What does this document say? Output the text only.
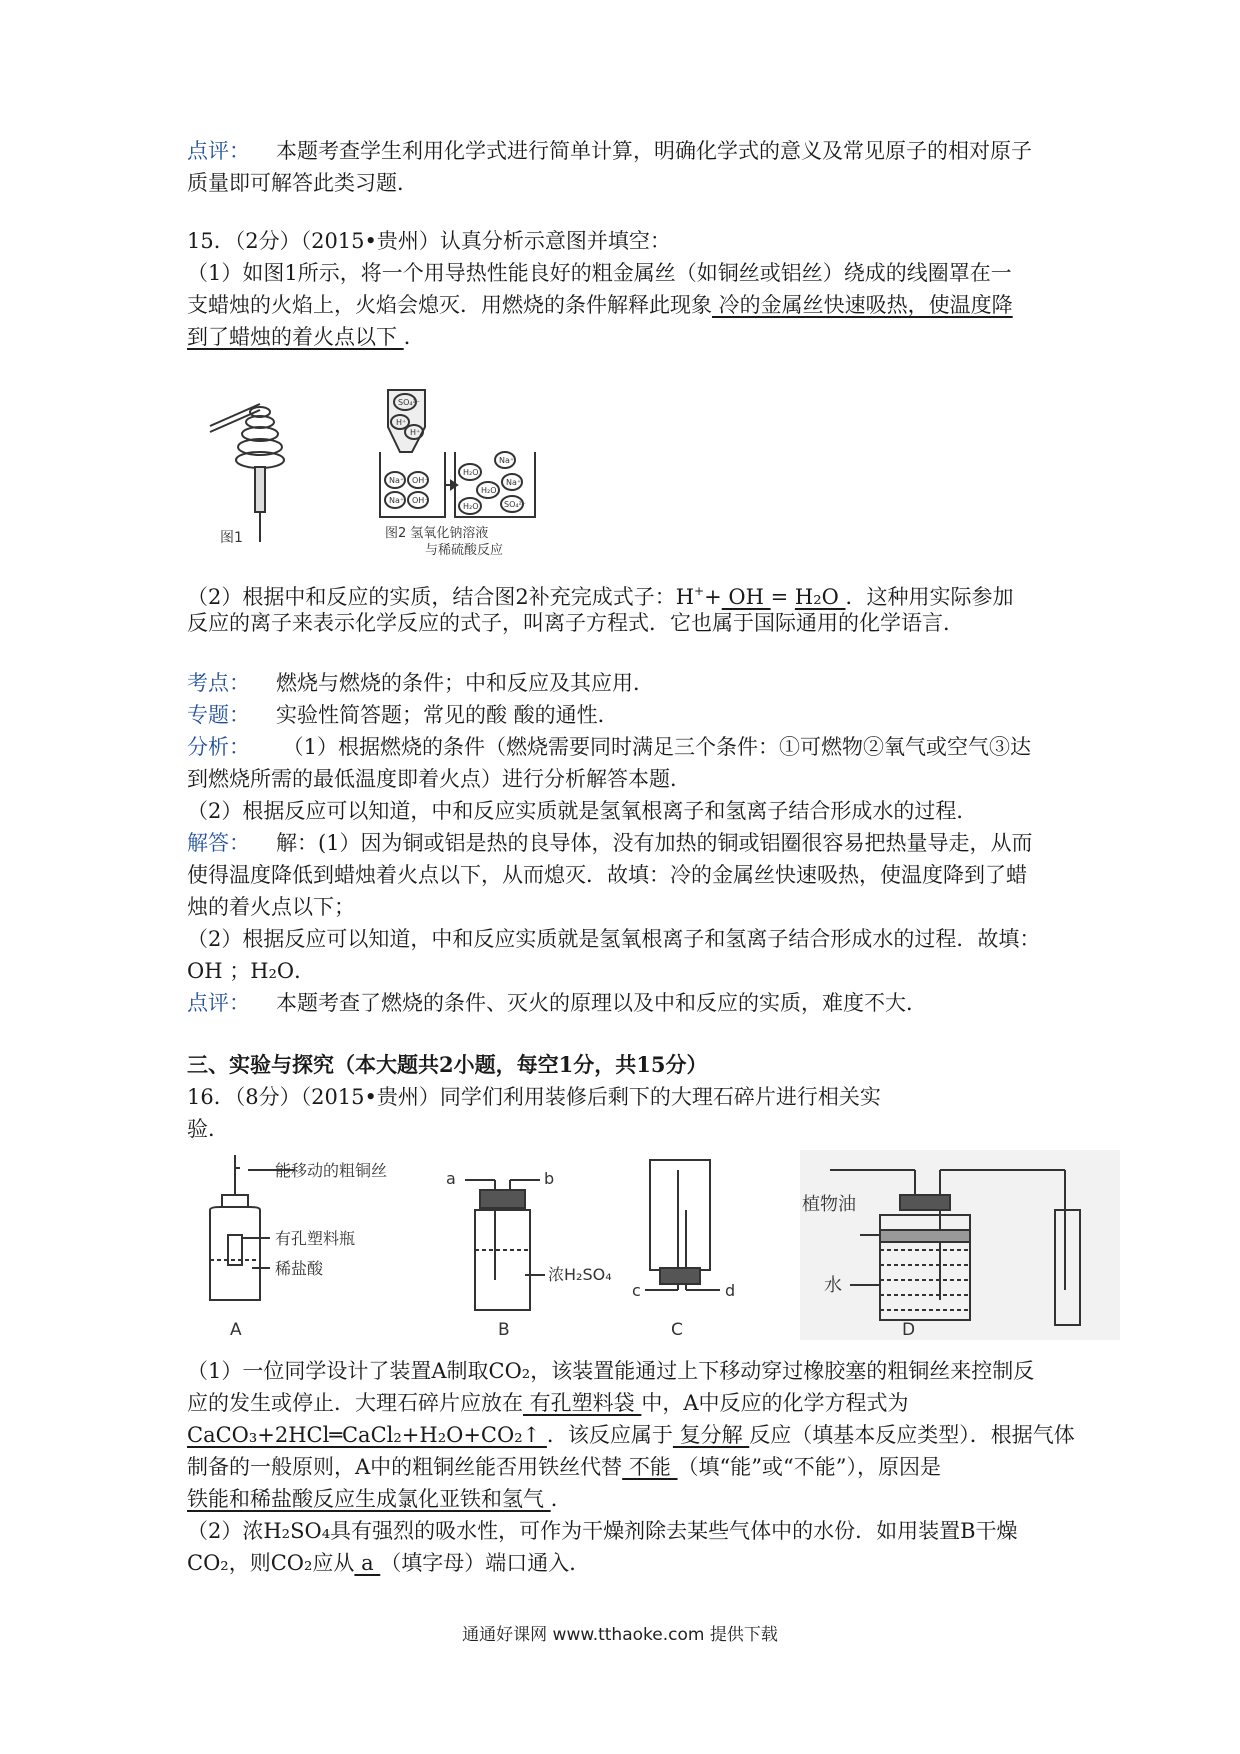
点评： 本题考查学生利用化学式进行简单计算，明确化学式的意义及常见原子的相对原子
质量即可解答此类习题．
15．（2分）（2015•贵州）认真分析示意图并填空：
（1）如图1所示，将一个用导热性能良好的粗金属丝（如铜丝或铝丝）绕成的线圈罩在一
支蜡烛的火焰上，火焰会熄灭．用燃烧的条件解释此现象 冷的金属丝快速吸热，使温度降
到了蜡烛的着火点以下 ．
图1
SO₄²⁻
H⁺
H⁺
Na⁺ OH⁻
Na⁺ OH⁻
Na⁺
H₂O
Na⁺
H₂O
SO₄²⁻
H₂O
图2 氢氧化钠溶液
与稀硫酸反应
（2）根据中和反应的实质，结合图2补充完成式子：H++ OH = H₂O ．这种用实际参加
反应的离子来表示化学反应的式子，叫离子方程式．它也属于国际通用的化学语言．
考点： 燃烧与燃烧的条件；中和反应及其应用．
专题： 实验性简答题；常见的酸 酸的通性．
分析： （1）根据燃烧的条件（燃烧需要同时满足三个条件：①可燃物②氧气或空气③达
到燃烧所需的最低温度即着火点）进行分析解答本题．
（2）根据反应可以知道，中和反应实质就是氢氧根离子和氢离子结合形成水的过程．
解答： 解：(1）因为铜或铝是热的良导体，没有加热的铜或铝圈很容易把热量导走，从而
使得温度降低到蜡烛着火点以下，从而熄灭．故填：冷的金属丝快速吸热，使温度降到了蜡
烛的着火点以下；
（2）根据反应可以知道，中和反应实质就是氢氧根离子和氢离子结合形成水的过程．故填：
OH ；H₂O．
点评： 本题考查了燃烧的条件、灭火的原理以及中和反应的实质，难度不大．
三、实验与探究（本大题共2小题，每空1分，共15分）
16．（8分）（2015•贵州）同学们利用装修后剩下的大理石碎片进行相关实
验．
能移动的粗铜丝
有孔塑料瓶
稀盐酸
A
a	b
浓H₂SO₄
B
c	d
C
植物油
水
D
（1）一位同学设计了装置A制取CO₂，该装置能通过上下移动穿过橡胶塞的粗铜丝来控制反
应的发生或停止．大理石碎片应放在 有孔塑料袋 中，A中反应的化学方程式为
CaCO₃+2HCl═CaCl₂+H₂O+CO₂↑ ．该反应属于 复分解 反应（填基本反应类型）．根据气体
制备的一般原则，A中的粗铜丝能否用铁丝代替 不能 （填“能”或“不能”），原因是
铁能和稀盐酸反应生成氯化亚铁和氢气 ．
（2）浓H₂SO₄具有强烈的吸水性，可作为干燥剂除去某些气体中的水份．如用装置B干燥
CO₂，则CO₂应从 a （填字母）端口通入．
通通好课网 www.tthaoke.com 提供下载
